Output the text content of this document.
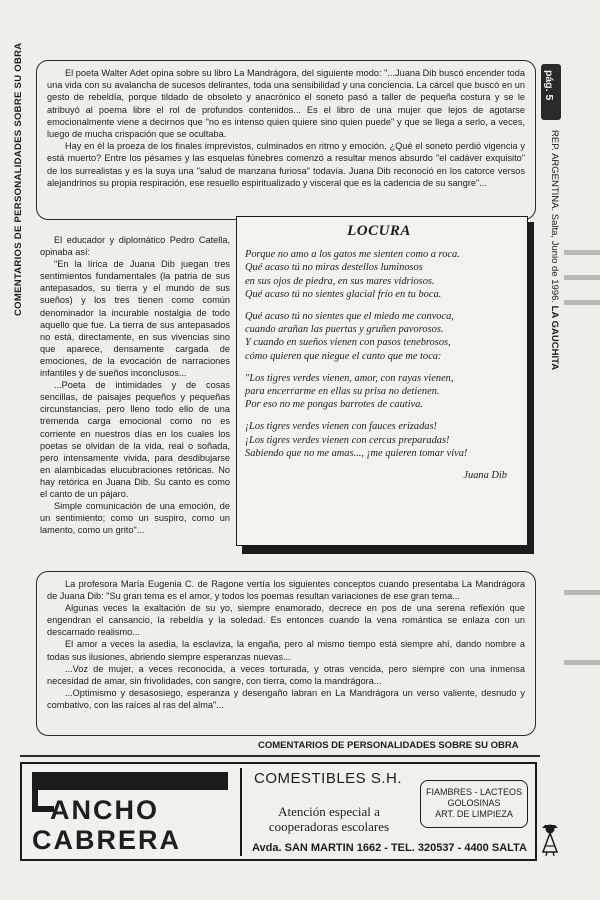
COMENTARIOS DE PERSONALIDADES SOBRE SU OBRA	pág. 5
REP. ARGENTINA. Salta, Junio de 1996. LA GAUCHITA

El poeta Walter Adet opina sobre su libro La Mandrágora, del siguiente modo: "...Juana Dib buscó encender toda una vida con su avalancha de sucesos delirantes, toda una sensibilidad y una conciencia. La cárcel que buscó en un gesto de rebeldía, porque tildado de obsoleto y anacrónico el soneto pasó a taller de pequeña costura y se le atribuyó al poema libre el rol de profundos contenidos... Es el libro de una mujer que lejos de agotarse emocionalmente viene a decirnos que "no es intenso quien quiere sino quien puede" y que se llega a serlo, a veces, luego de mucha crispación que se ocultaba.

Hay en él la proeza de los finales imprevistos, culminados en ritmo y emoción. ¿Qué el soneto perdió vigencia y está muerto? Entre los pésames y las esquelas fúnebres comenzó a resultar menos absurdo "el cadáver exquisito" de los surrealistas y es la suya una "salud de manzana furiosa" todavía. Juana Dib reconoció en los catorce versos alejandrinos su propia respiración, ese resuello espiritualizado y visceral que es la cadencia de su sangre"...

El educador y diplomático Pedro Catella, opinaba así:

"En la lírica de Juana Dib juegan tres sentimientos fundamentales (la patria de sus antepasados, su tierra y el mundo de sus sueños) y los tres tienen como común denominador la incurable nostalgia de todo aquello que fue. La tierra de sus antepasados no está, directamente, en sus vivencias sino que aparece, densamente cargada de emociones, de la evocación de narraciones infantiles y de sueños inconclusos...

...Poeta de intimidades y de cosas sencillas, de paisajes pequeños y pequeñas circunstancias, pero lleno todo ello de una tremenda carga emocional como no es corriente en nuestros días en los cuales los poetas se olvidan de la vida, real o soñada, pero intensamente vivida, para desdibujarse en alambicadas elucubraciones retóricas. No hay retórica en Juana Dib. Su canto es como el canto de un pájaro.

Simple comunicación de una emoción, de un sentimiento; como un suspiro, como un lamento, como un grito"...

LOCURA
Porque no amo a los gatos me sienten como a roca.
Qué acaso tú no miras destellos luminosos
en sus ojos de piedra, en sus mares vidriosos.
Qué acaso tú no sientes glacial frío en tu boca.
Qué acaso tú no sientes que el miedo me convoca,
cuando arañan las puertas y gruñen pavorosos.
Y cuando en sueños vienen con pasos tenebrosos,
cómo quieren que niegue el canto que me toca:
"Los tigres verdes vienen, amor, con rayas vienen,
para encerrarme en ellas su prisa no detienen.
Por eso no me pongas barrotes de cautiva.
¡Los tigres verdes vienen con fauces erizadas!
¡Los tigres verdes vienen con cercas preparadas!
Sabiendo que no me amas..., ¡me quieren tomar viva!
Juana Dib

La profesora María Eugenia C. de Ragone vertía los siguientes conceptos cuando presentaba La Mandrágora de Juana Dib: "Su gran tema es el amor, y todos los poemas resultan variaciones de ese gran tema...

Algunas veces la exaltación de su yo, siempre enamorado, decrece en pos de una serena reflexión que engendran el cansancio, la rebeldía y la soledad. Es entonces cuando la vena romántica se enlaza con un descarnado realismo...

El amor a veces la asedia, la esclaviza, la engaña, pero al mismo tiempo está siempre ahí, dando nombre a todas sus ilusiones, abriendo siempre esperanzas nuevas...

...Voz de mujer, a veces reconocida, a veces torturada, y otras vencida, pero siempre con una inmensa necesidad de amar, sin frivolidades, con sangre, con tierra, como la mandrágora...

...Optimismo y desasosiego, esperanza y desengaño labran en La Mandrágora un verso valiente, desnudo y combativo, con las raíces al ras del alma"...

COMENTARIOS DE PERSONALIDADES SOBRE SU OBRA
ANCHO
CABRERA
COMESTIBLES S.H.
Atención especial a cooperadoras escolares
FIAMBRES - LACTEOS
GOLOSINAS
ART. DE LIMPIEZA
Avda. SAN MARTIN 1662 - TEL. 320537 - 4400 SALTA
